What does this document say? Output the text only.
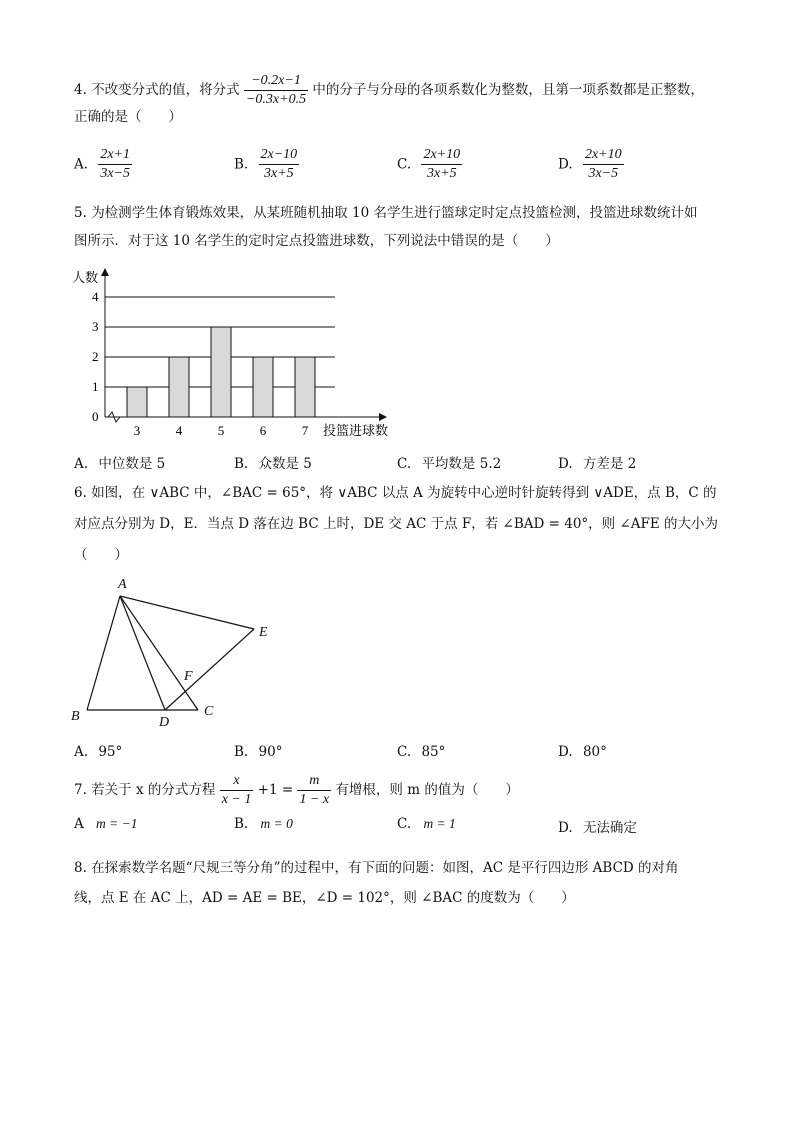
4. 不改变分式的值，将分式 $\frac{-0.2x-1}{-0.3x+0.5}$ 中的分子与分母的各项系数化为整数，且第一项系数都是正整数，
正确的是（　　）
A. $\frac{2x+1}{3x-5}$	B. $\frac{2x-10}{3x+5}$	C. $\frac{2x+10}{3x+5}$	D. $\frac{2x+10}{3x-5}$
5. 为检测学生体育锻炼效果，从某班随机抽取 10 名学生进行篮球定时定点投篮检测，投篮进球数统计如
图所示．对于这 10 名学生的定时定点投篮进球数，下列说法中错误的是（　　）
人数
投篮进球数
0
1
2
3
4
3	4	5	6	7
A. 中位数是 5	B. 众数是 5	C. 平均数是 5.2	D. 方差是 2
6. 如图，在 ∨ABC 中，∠BAC = 65°，将 ∨ABC 以点 A 为旋转中心逆时针旋转得到 ∨ADE，点 B，C 的
对应点分别为 D，E．当点 D 落在边 BC 上时，DE 交 AC 于点 F，若 ∠BAD = 40°，则 ∠AFE 的大小为
（　　）
A
B	C
D
E
F
A. 95°	B. 90°	C. 85°	D. 80°
7. 若关于 x 的分式方程 $\frac{x}{x - 1} +1 = \frac{m}{1 - x}$ 有增根，则 m 的值为（　　）
A m = −1	B. m = 0	C. m = 1	D. 无法确定
8. 在探索数学名题“尺规三等分角”的过程中，有下面的问题：如图，AC 是平行四边形 ABCD 的对角
线，点 E 在 AC 上，AD = AE = BE，∠D = 102°，则 ∠BAC 的度数为（　　）
